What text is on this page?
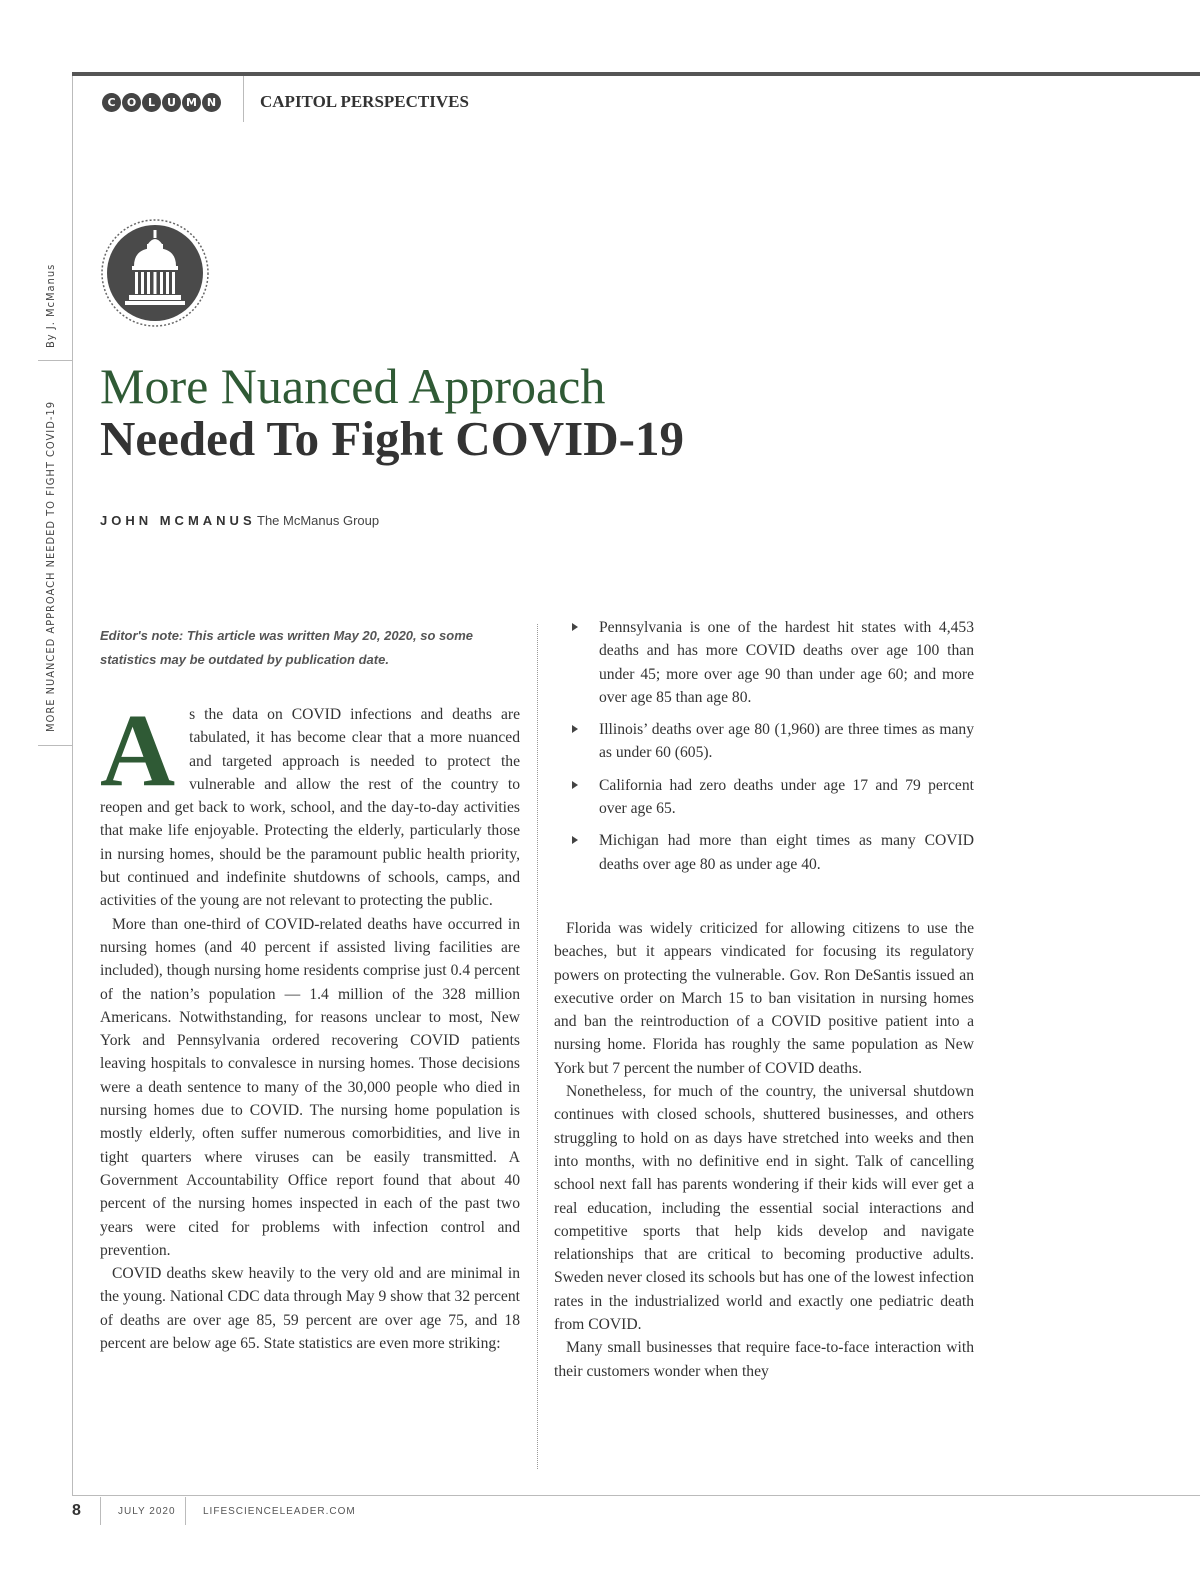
C	O	L	U M N	CAPITOL PERSPECTIVES
By J. McManus
MORE NUANCED APPROACH NEEDED TO FIGHT COVID-19
More Nuanced Approach
Needed To Fight COVID-19
JOHN MCMANUS The McManus Group

Editor's note: This article was written May 20, 2020, so some statistics may be outdated by publication date.

A s the data on COVID infections and deaths are tabulated, it has become clear that a more nuanced and targeted approach is needed to protect the vulnerable and allow the rest of the country to reopen and get back to work, school, and the day-to-day activities that make life enjoyable. Protecting the elderly, particularly those in nursing homes, should be the paramount public health priority, but continued and indefinite shutdowns of schools, camps, and activities of the young are not relevant to protecting the public.

More than one-third of COVID-related deaths have occurred in nursing homes (and 40 percent if assisted living facilities are included), though nursing home residents comprise just 0.4 percent of the nation’s population — 1.4 million of the 328 million Americans. Notwithstanding, for reasons unclear to most, New York and Pennsylvania ordered recovering COVID patients leaving hospitals to convalesce in nursing homes. Those decisions were a death sentence to many of the 30,000 people who died in nursing homes due to COVID. The nursing home population is mostly elderly, often suffer numerous comorbidities, and live in tight quarters where viruses can be easily transmitted. A Government Accountability Office report found that about 40 percent of the nursing homes inspected in each of the past two years were cited for problems with infection control and prevention.

COVID deaths skew heavily to the very old and are minimal in the young. National CDC data through May 9 show that 32 percent of deaths are over age 85, 59 percent are over age 75, and 18 percent are below age 65. State statistics are even more striking:

Pennsylvania is one of the hardest hit states with 4,453 deaths and has more COVID deaths over age 100 than under 45; more over age 90 than under age 60; and more over age 85 than age 80.
Illinois’ deaths over age 80 (1,960) are three times as many as under 60 (605).
California had zero deaths under age 17 and 79 percent over age 65.
Michigan had more than eight times as many COVID deaths over age 80 as under age 40.

Florida was widely criticized for allowing citizens to use the beaches, but it appears vindicated for focusing its regulatory powers on protecting the vulnerable. Gov. Ron DeSantis issued an executive order on March 15 to ban visitation in nursing homes and ban the reintroduction of a COVID positive patient into a nursing home. Florida has roughly the same population as New York but 7 percent the number of COVID deaths.

Nonetheless, for much of the country, the universal shutdown continues with closed schools, shuttered businesses, and others struggling to hold on as days have stretched into weeks and then into months, with no definitive end in sight. Talk of cancelling school next fall has parents wondering if their kids will ever get a real education, including the essential social interactions and competitive sports that help kids develop and navigate relationships that are critical to becoming productive adults. Sweden never closed its schools but has one of the lowest infection rates in the industrialized world and exactly one pediatric death from COVID.

Many small businesses that require face-to-face interaction with their customers wonder when they

8	JULY 2020	LIFESCIENCELEADER.COM
